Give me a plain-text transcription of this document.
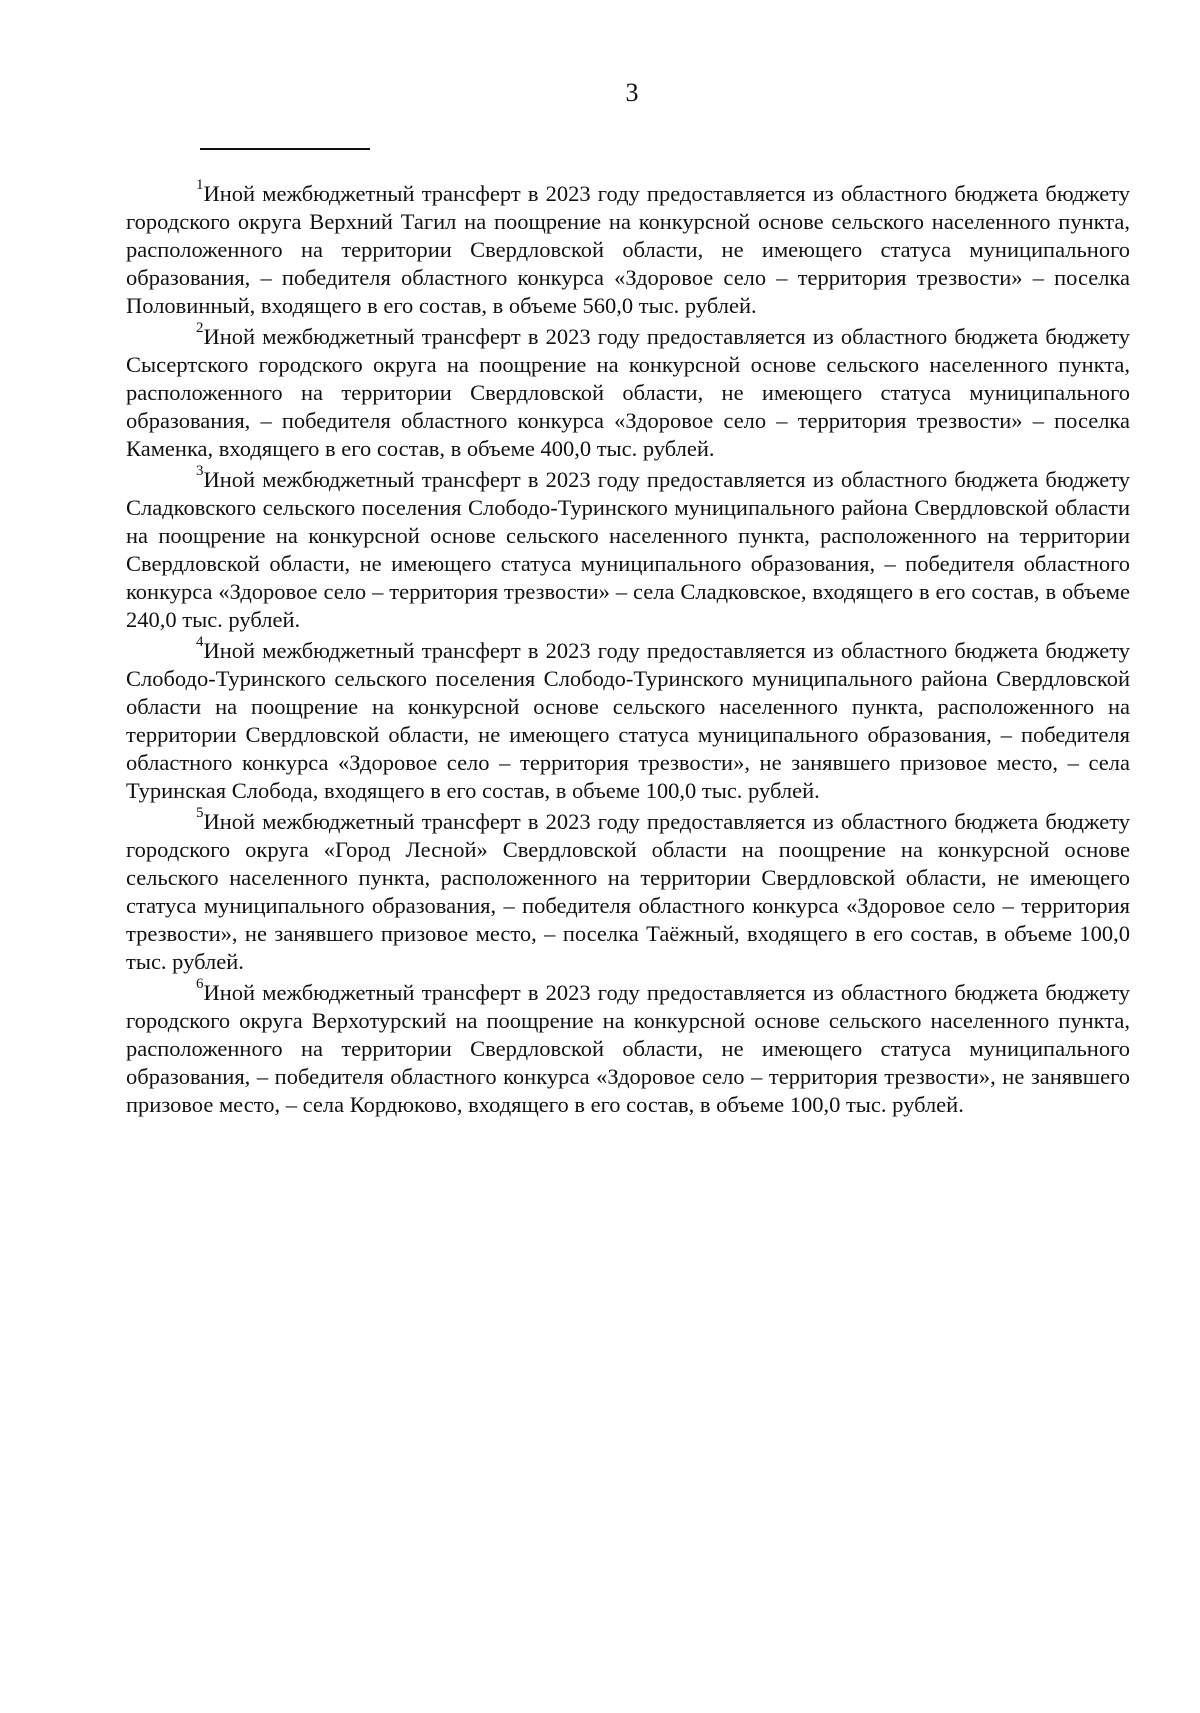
3

$^1$Иной межбюджетный трансферт в 2023 году предоставляется из областного бюджета бюджету городского округа Верхний Тагил на поощрение на конкурсной основе сельского населенного пункта, расположенного на территории Свердловской области, не имеющего статуса муниципального образования, – победителя областного конкурса «Здоровое село – территория трезвости» – поселка Половинный, входящего в его состав, в объеме 560,0 тыс. рублей.

$^2$Иной межбюджетный трансферт в 2023 году предоставляется из областного бюджета бюджету Сысертского городского округа на поощрение на конкурсной основе сельского населенного пункта, расположенного на территории Свердловской области, не имеющего статуса муниципального образования, – победителя областного конкурса «Здоровое село – территория трезвости» – поселка Каменка, входящего в его состав, в объеме 400,0 тыс. рублей.

$^3$Иной межбюджетный трансферт в 2023 году предоставляется из областного бюджета бюджету Сладковского сельского поселения Слободо-Туринского муниципального района Свердловской области на поощрение на конкурсной основе сельского населенного пункта, расположенного на территории Свердловской области, не имеющего статуса муниципального образования, – победителя областного конкурса «Здоровое село – территория трезвости» – села Сладковское, входящего в его состав, в объеме 240,0 тыс. рублей.

$^4$Иной межбюджетный трансферт в 2023 году предоставляется из областного бюджета бюджету Слободо-Туринского сельского поселения Слободо-Туринского муниципального района Свердловской области на поощрение на конкурсной основе сельского населенного пункта, расположенного на территории Свердловской области, не имеющего статуса муниципального образования, – победителя областного конкурса «Здоровое село – территория трезвости», не занявшего призовое место, – села Туринская Слобода, входящего в его состав, в объеме 100,0 тыс. рублей.

$^5$Иной межбюджетный трансферт в 2023 году предоставляется из областного бюджета бюджету городского округа «Город Лесной» Свердловской области на поощрение на конкурсной основе сельского населенного пункта, расположенного на территории Свердловской области, не имеющего статуса муниципального образования, – победителя областного конкурса «Здоровое село – территория трезвости», не занявшего призовое место, – поселка Таёжный, входящего в его состав, в объеме 100,0 тыс. рублей.

$^6$Иной межбюджетный трансферт в 2023 году предоставляется из областного бюджета бюджету городского округа Верхотурский на поощрение на конкурсной основе сельского населенного пункта, расположенного на территории Свердловской области, не имеющего статуса муниципального образования, – победителя областного конкурса «Здоровое село – территория трезвости», не занявшего призовое место, – села Кордюково, входящего в его состав, в объеме 100,0 тыс. рублей.
